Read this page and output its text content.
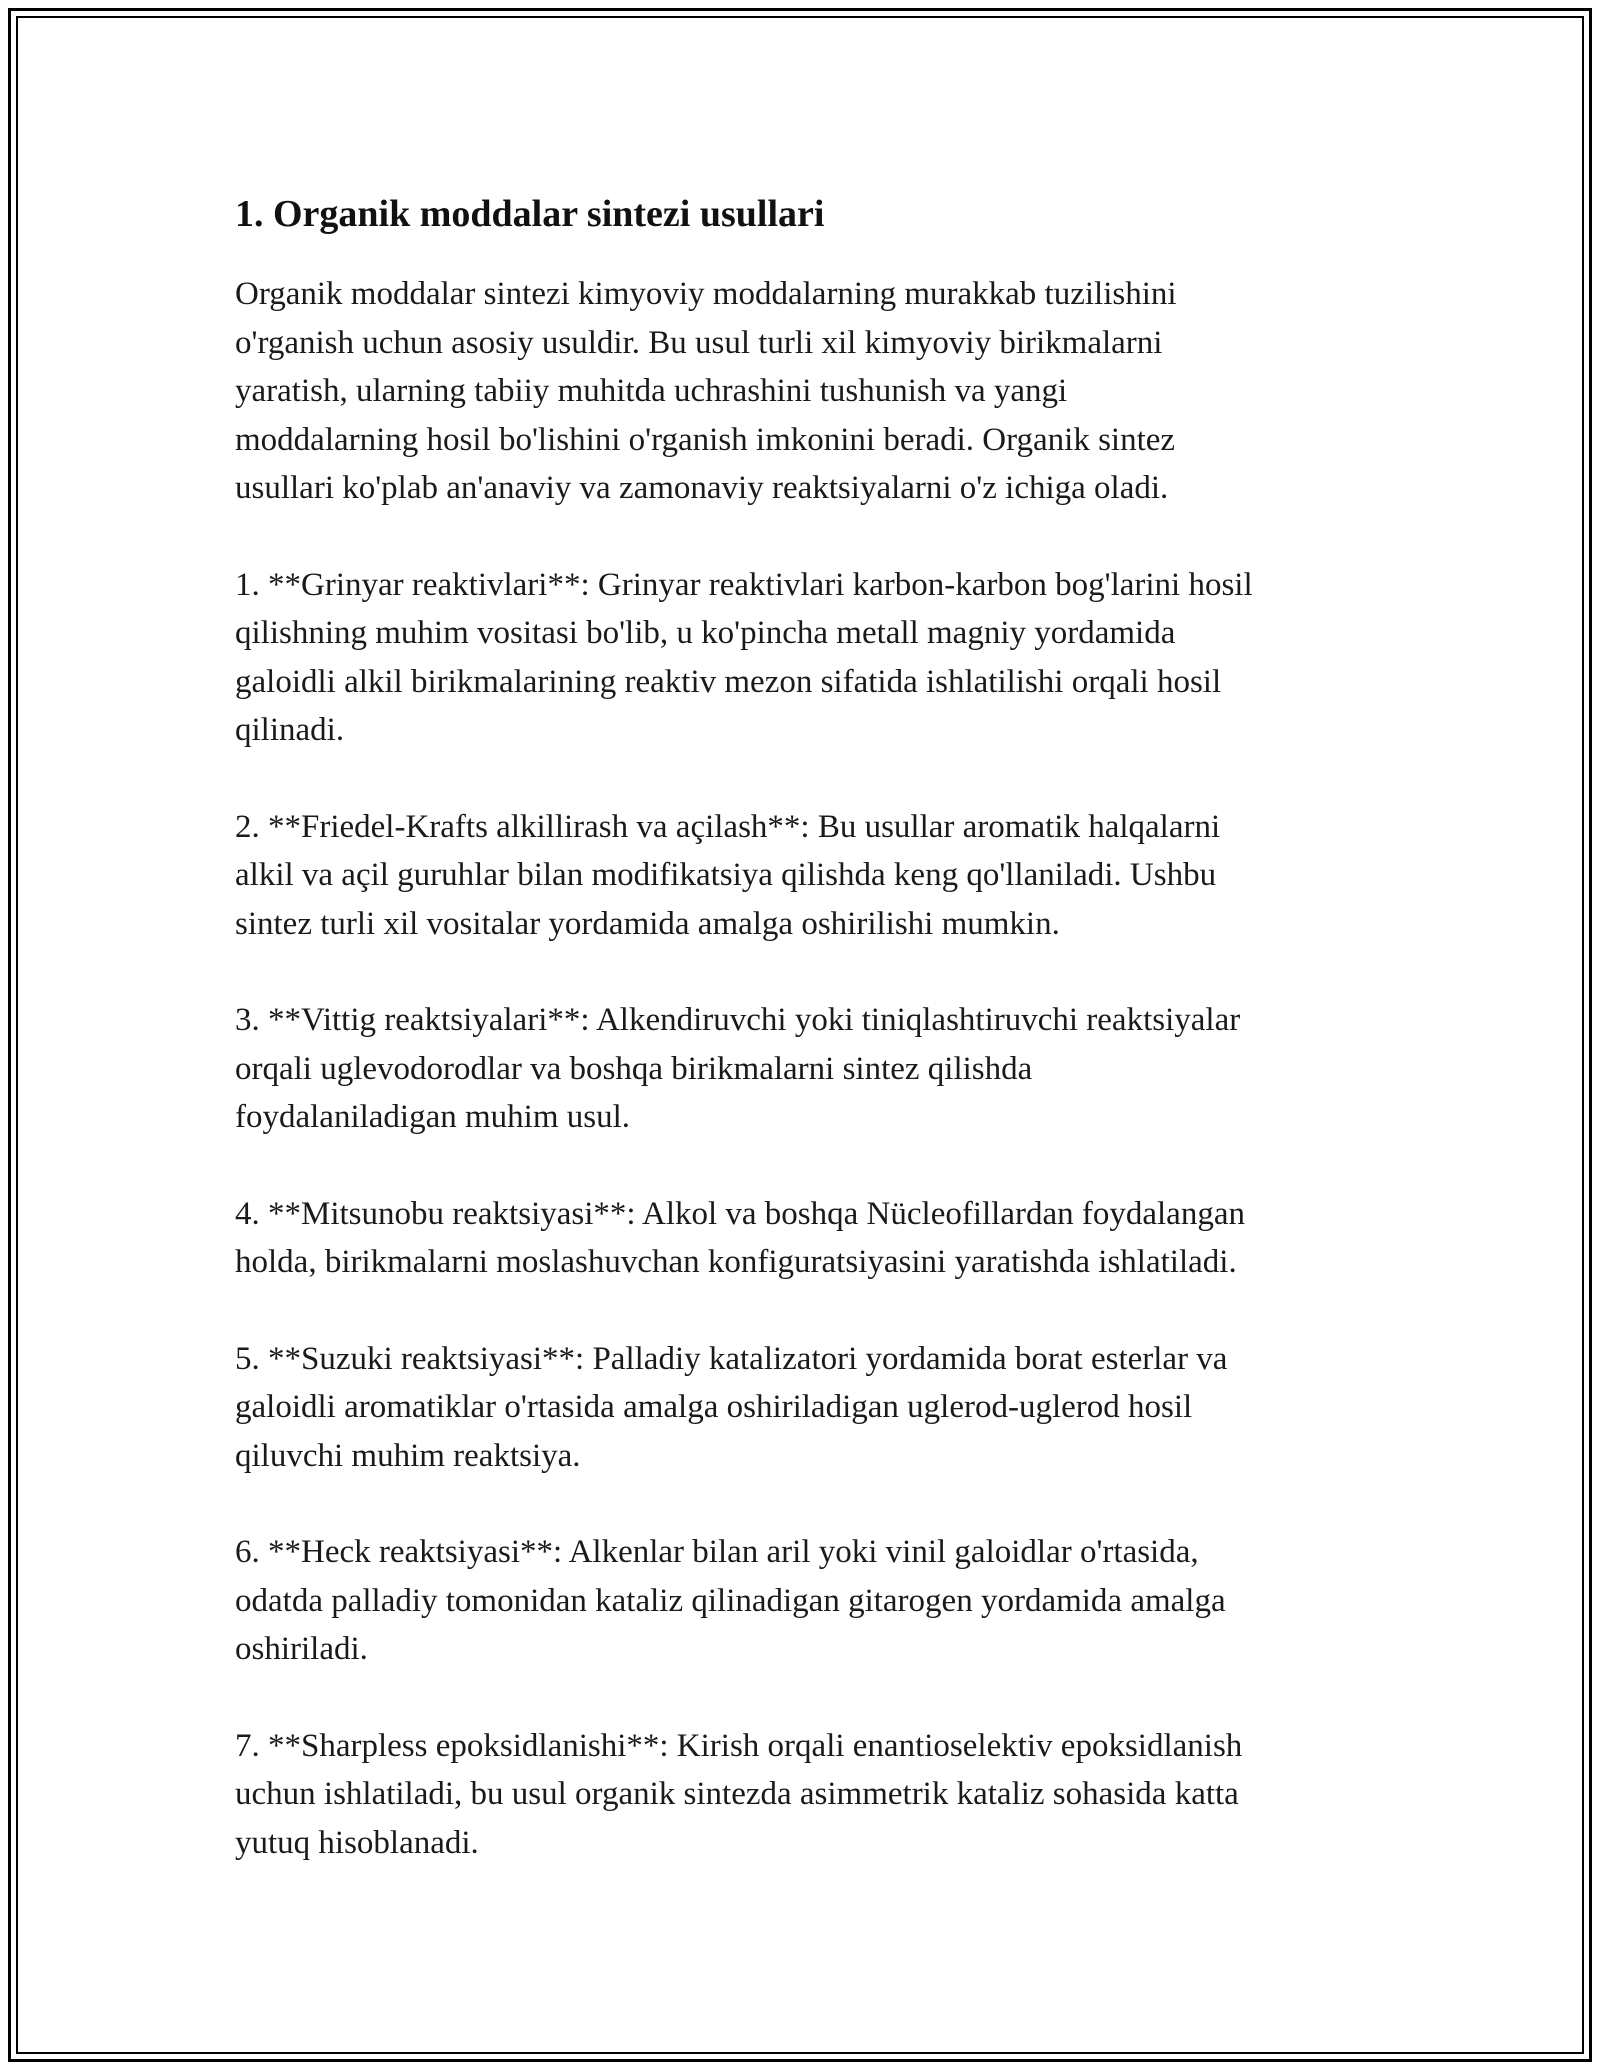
1. Organik moddalar sintezi usullari

Organik moddalar sintezi kimyoviy moddalarning murakkab tuzilishini
o'rganish uchun asosiy usuldir. Bu usul turli xil kimyoviy birikmalarni
yaratish, ularning tabiiy muhitda uchrashini tushunish va yangi
moddalarning hosil bo'lishini o'rganish imkonini beradi. Organik sintez
usullari ko'plab an'anaviy va zamonaviy reaktsiyalarni o'z ichiga oladi.

1. **Grinyar reaktivlari**: Grinyar reaktivlari karbon-karbon bog'larini hosil
qilishning muhim vositasi bo'lib, u ko'pincha metall magniy yordamida
galoidli alkil birikmalarining reaktiv mezon sifatida ishlatilishi orqali hosil
qilinadi.

2. **Friedel-Krafts alkillirash va açilash**: Bu usullar aromatik halqalarni
alkil va açil guruhlar bilan modifikatsiya qilishda keng qo'llaniladi. Ushbu
sintez turli xil vositalar yordamida amalga oshirilishi mumkin.

3. **Vittig reaktsiyalari**: Alkendiruvchi yoki tiniqlashtiruvchi reaktsiyalar
orqali uglevodorodlar va boshqa birikmalarni sintez qilishda
foydalaniladigan muhim usul.

4. **Mitsunobu reaktsiyasi**: Alkol va boshqa Nücleofillardan foydalangan
holda, birikmalarni moslashuvchan konfiguratsiyasini yaratishda ishlatiladi.

5. **Suzuki reaktsiyasi**: Palladiy katalizatori yordamida borat esterlar va
galoidli aromatiklar o'rtasida amalga oshiriladigan uglerod-uglerod hosil
qiluvchi muhim reaktsiya.

6. **Heck reaktsiyasi**: Alkenlar bilan aril yoki vinil galoidlar o'rtasida,
odatda palladiy tomonidan kataliz qilinadigan gitarogen yordamida amalga
oshiriladi.

7. **Sharpless epoksidlanishi**: Kirish orqali enantioselektiv epoksidlanish
uchun ishlatiladi, bu usul organik sintezda asimmetrik kataliz sohasida katta
yutuq hisoblanadi.
